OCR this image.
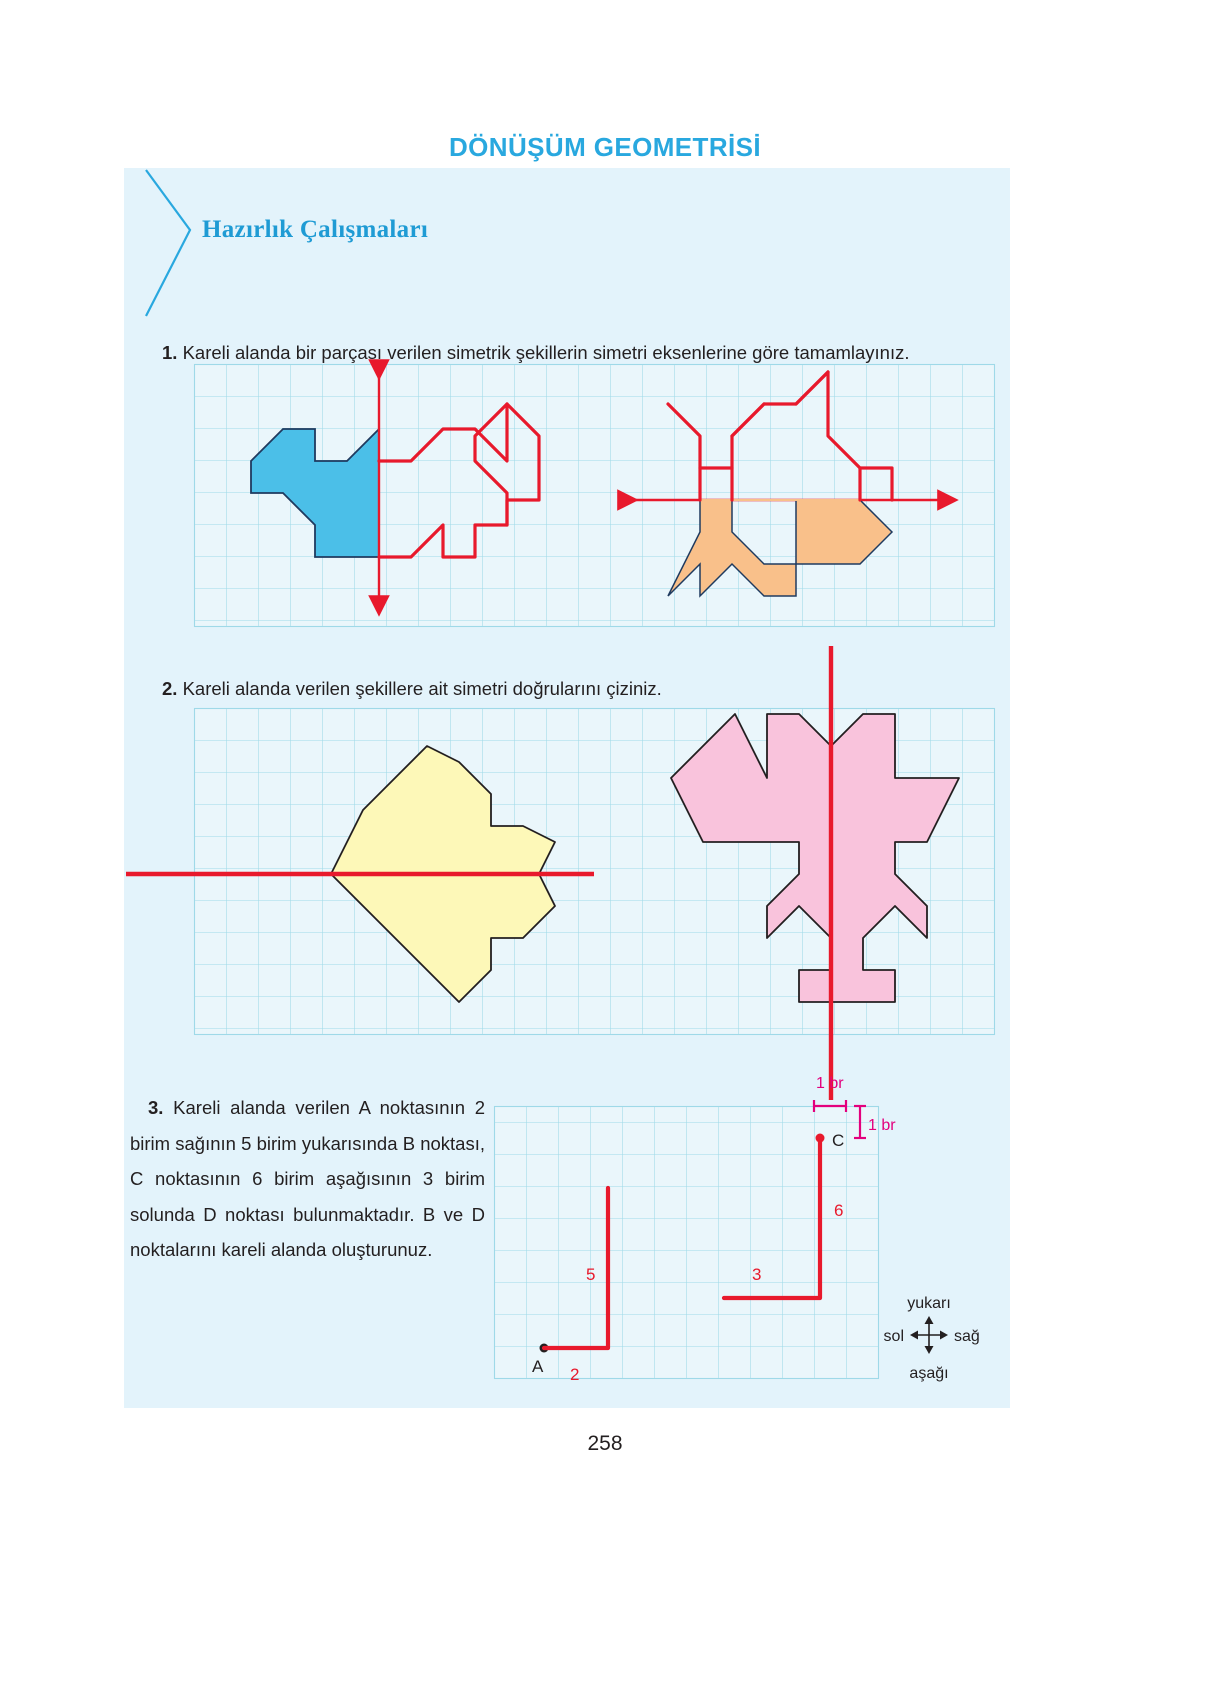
DÖNÜŞÜM GEOMETRİSİ
Hazırlık Çalışmaları
1. Kareli alanda bir parçası verilen simetrik şekillerin simetri eksenlerine göre tamamlayınız.
2. Kareli alanda verilen şekillere ait simetri doğrularını çiziniz.
3. Kareli alanda verilen A noktasının 2 birim sağının 5 birim yukarısında B noktası, C noktasının 6 birim aşağısının 3 birim solunda D noktası bulunmaktadır. B ve D noktalarını kareli alanda oluşturunuz.
1 br
1 br
A 2
5
C
6
3
yukarı
aşağı
sol	sağ
258
